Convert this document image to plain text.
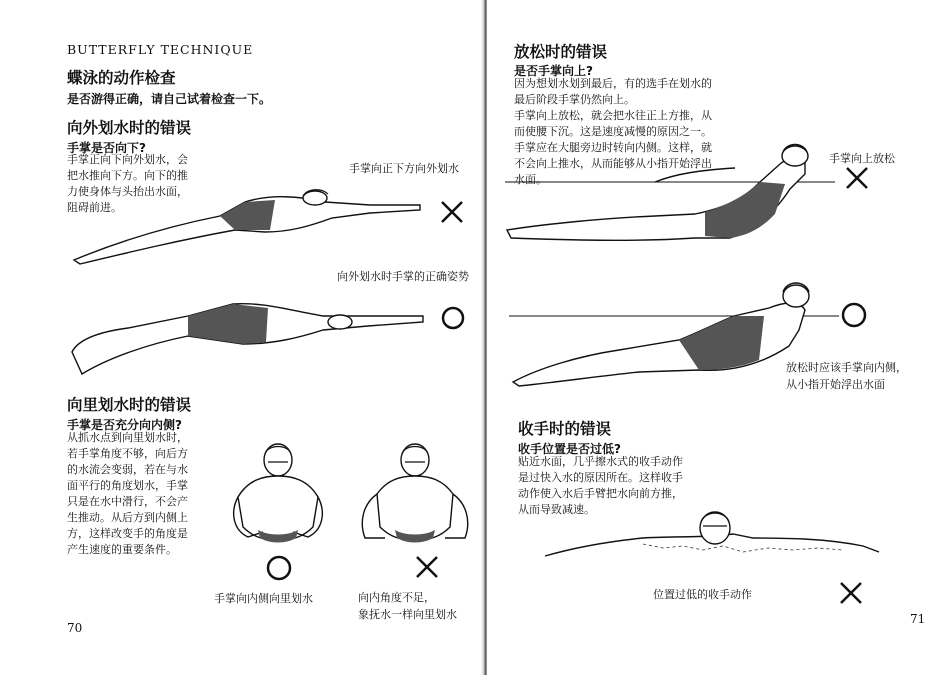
BUTTERFLY TECHNIQUE
蝶泳的动作检查
是否游得正确，请自己试着检查一下。
向外划水时的错误
手掌是否向下?
手掌正向下向外划水，会
把水推向下方。向下的推
力使身体与头抬出水面，
阻碍前进。
手掌向正下方向外划水
向外划水时手掌的正确姿势
向里划水时的错误
手掌是否充分向内侧?
从抓水点到向里划水时，
若手掌角度不够，向后方
的水流会变弱，若在与水
面平行的角度划水，手掌
只是在水中滑行，不会产
生推动。从后方到内侧上
方，这样改变手的角度是
产生速度的重要条件。
手掌向内侧向里划水	向内角度不足，
象抚水一样向里划水
70
放松时的错误
是否手掌向上?
因为想划水划到最后，有的选手在划水的
最后阶段手掌仍然向上。
手掌向上放松，就会把水往正上方推，从
而使腰下沉。这是速度减慢的原因之一。
手掌应在大腿旁边时转向内侧。这样，就
不会向上推水，从而能够从小指开始浮出
水面。
手掌向上放松
放松时应该手掌向内侧，
从小指开始浮出水面
收手时的错误
收手位置是否过低?
贴近水面，几乎擦水式的收手动作
是过快入水的原因所在。这样收手
动作使入水后手臂把水向前方推，
从而导致减速。
位置过低的收手动作
71
